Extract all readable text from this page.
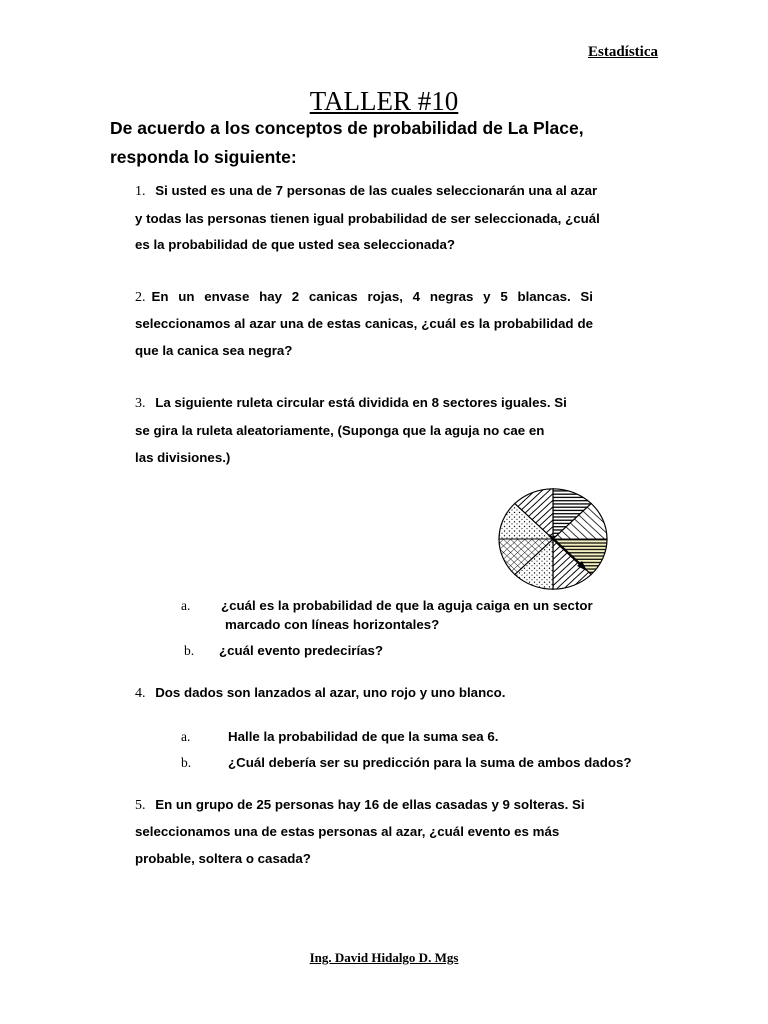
Estadística
TALLER #10
De acuerdo a los conceptos de probabilidad de La Place,
responda lo siguiente:
1. Si usted es una de 7 personas de las cuales seleccionarán una al azar
y todas las personas tienen igual probabilidad de ser seleccionada, ¿cuál
es la probabilidad de que usted sea seleccionada?
2. En un envase hay 2 canicas rojas, 4 negras y 5 blancas. Si
seleccionamos al azar una de estas canicas, ¿cuál es la probabilidad de
que la canica sea negra?
3. La siguiente ruleta circular está dividida en 8 sectores iguales. Si
se gira la ruleta aleatoriamente, (Suponga que la aguja no cae en
las divisiones.)
a. ¿cuál es la probabilidad de que la aguja caiga en un sector
marcado con líneas horizontales?
b. ¿cuál evento predecirías?
4. Dos dados son lanzados al azar, uno rojo y uno blanco.
a.	Halle la probabilidad de que la suma sea 6.
b.	¿Cuál debería ser su predicción para la suma de ambos dados?
5. En un grupo de 25 personas hay 16 de ellas casadas y 9 solteras. Si
seleccionamos una de estas personas al azar, ¿cuál evento es más
probable, soltera o casada?
Ing. David Hidalgo D. Mgs
